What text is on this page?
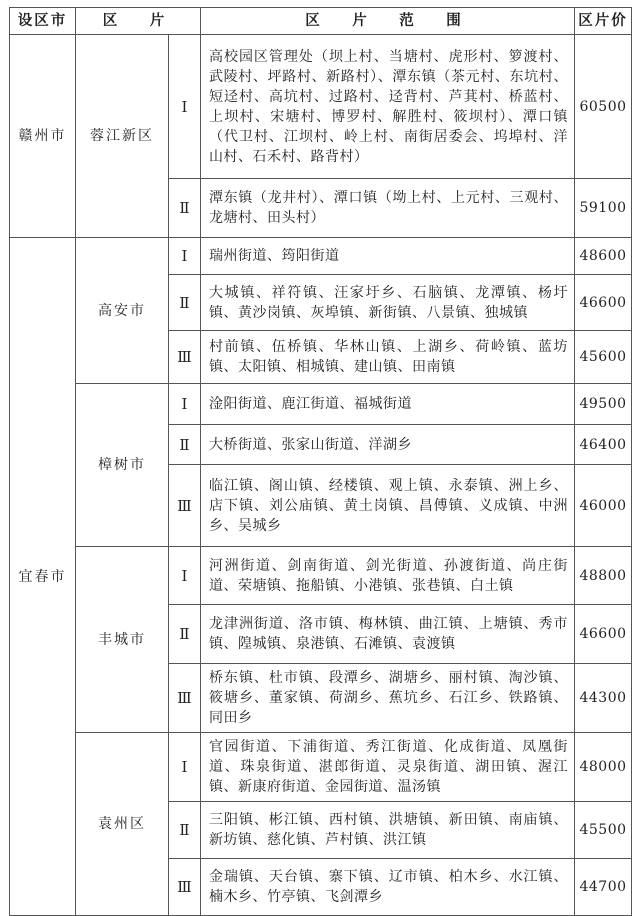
设区市	区　片		区　片　范　围	区片价
赣州市	蓉江新区	Ⅰ	高校园区管理处（坝上村、当塘村、虎形村、箩渡村、武陵村、坪路村、新路村）、潭东镇（茶元村、东坑村、短迳村、高坑村、过路村、迳背村、芦萁村、桥蓝村、上坝村、宋塘村、博罗村、解胜村、筱坝村）、潭口镇（代卫村、江坝村、岭上村、南街居委会、坞埠村、洋山村、石禾村、路背村）	60500
		Ⅱ	潭东镇（龙井村）、潭口镇（坳上村、上元村、三观村、龙塘村、田头村）	59100
宜春市	高安市	Ⅰ	瑞州街道、筠阳街道	48600
		Ⅱ	大城镇、祥符镇、汪家圩乡、石脑镇、龙潭镇、杨圩镇、黄沙岗镇、灰埠镇、新街镇、八景镇、独城镇	46600
		Ⅲ	村前镇、伍桥镇、华林山镇、上湖乡、荷岭镇、蓝坊镇、太阳镇、相城镇、建山镇、田南镇	45600
	樟树市	Ⅰ	淦阳街道、鹿江街道、福城街道	49500
		Ⅱ	大桥街道、张家山街道、洋湖乡	46400
		Ⅲ	临江镇、阁山镇、经楼镇、观上镇、永泰镇、洲上乡、店下镇、刘公庙镇、黄土岗镇、昌傅镇、义成镇、中洲乡、吴城乡	46000
	丰城市	Ⅰ	河洲街道、剑南街道、剑光街道、孙渡街道、尚庄街道、荣塘镇、拖船镇、小港镇、张巷镇、白土镇	48800
		Ⅱ	龙津洲街道、洛市镇、梅林镇、曲江镇、上塘镇、秀市镇、隍城镇、泉港镇、石滩镇、袁渡镇	46600
		Ⅲ	桥东镇、杜市镇、段潭乡、湖塘乡、丽村镇、淘沙镇、筱塘乡、董家镇、荷湖乡、蕉坑乡、石江乡、铁路镇、同田乡	44300
	袁州区	Ⅰ	官园街道、下浦街道、秀江街道、化成街道、凤凰街道、珠泉街道、湛郎街道、灵泉街道、湖田镇、渥江镇、新康府街道、金园街道、温汤镇	48000
		Ⅱ	三阳镇、彬江镇、西村镇、洪塘镇、新田镇、南庙镇、新坊镇、慈化镇、芦村镇、洪江镇	45500
		Ⅲ	金瑞镇、天台镇、寨下镇、辽市镇、柏木乡、水江镇、楠木乡、竹亭镇、飞剑潭乡	44700
